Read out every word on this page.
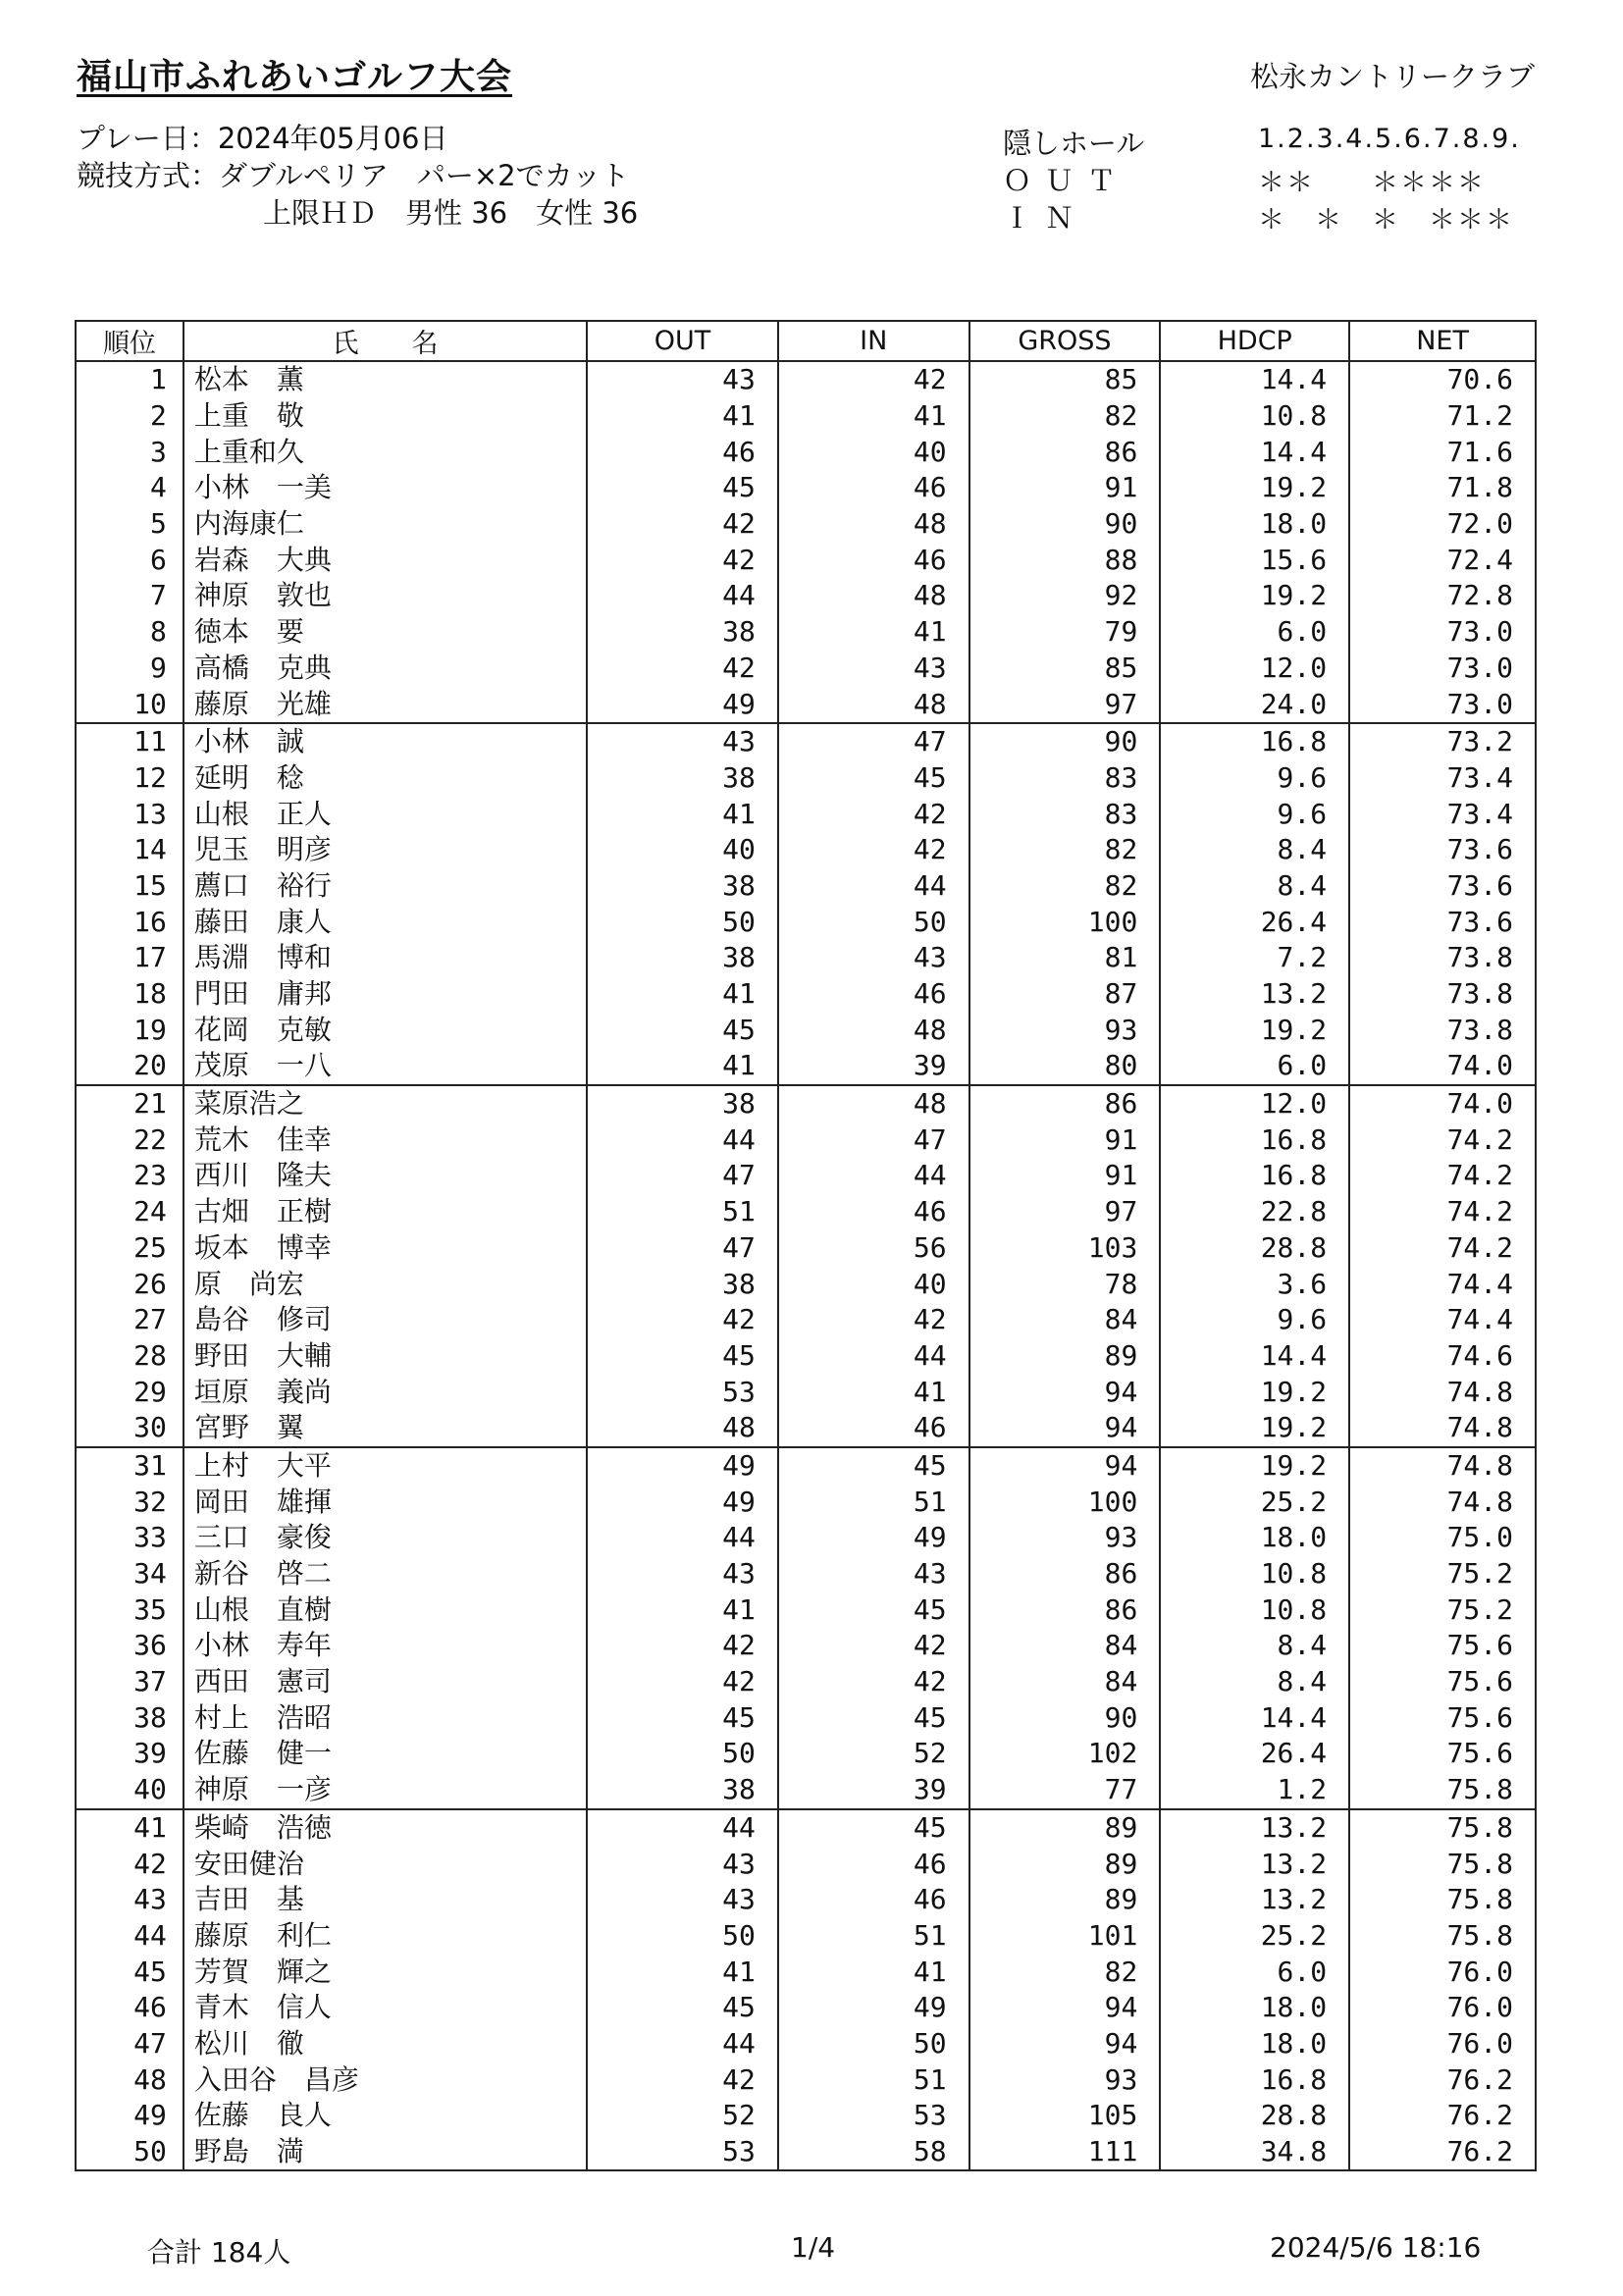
福山市ふれあいゴルフ大会	松永カントリークラブ
プレー日：2024年05月06日
競技方式：ダブルペリア　パー×2でカット
上限ＨＤ　男性 36　女性 36
隠しホール	1.2.3.4.5.6.7.8.9.
ＯＵＴ	＊＊　　＊＊＊＊
ＩＮ	＊　＊　＊　＊＊＊
順位	氏　　名	OUT	IN	GROSS	HDCP	NET
1	松本　薫	43	42	85	14.4	70.6
2	上重　敬	41	41	82	10.8	71.2
3	上重和久	46	40	86	14.4	71.6
4	小林　一美	45	46	91	19.2	71.8
5	内海康仁	42	48	90	18.0	72.0
6	岩森　大典	42	46	88	15.6	72.4
7	神原　敦也	44	48	92	19.2	72.8
8	徳本　要	38	41	79	6.0	73.0
9	高橋　克典	42	43	85	12.0	73.0
10	藤原　光雄	49	48	97	24.0	73.0
11	小林　誠	43	47	90	16.8	73.2
12	延明　稔	38	45	83	9.6	73.4
13	山根　正人	41	42	83	9.6	73.4
14	児玉　明彦	40	42	82	8.4	73.6
15	薦口　裕行	38	44	82	8.4	73.6
16	藤田　康人	50	50	100	26.4	73.6
17	馬淵　博和	38	43	81	7.2	73.8
18	門田　庸邦	41	46	87	13.2	73.8
19	花岡　克敏	45	48	93	19.2	73.8
20	茂原　一八	41	39	80	6.0	74.0
21	菜原浩之	38	48	86	12.0	74.0
22	荒木　佳幸	44	47	91	16.8	74.2
23	西川　隆夫	47	44	91	16.8	74.2
24	古畑　正樹	51	46	97	22.8	74.2
25	坂本　博幸	47	56	103	28.8	74.2
26	原　尚宏	38	40	78	3.6	74.4
27	島谷　修司	42	42	84	9.6	74.4
28	野田　大輔	45	44	89	14.4	74.6
29	垣原　義尚	53	41	94	19.2	74.8
30	宮野　翼	48	46	94	19.2	74.8
31	上村　大平	49	45	94	19.2	74.8
32	岡田　雄揮	49	51	100	25.2	74.8
33	三口　豪俊	44	49	93	18.0	75.0
34	新谷　啓二	43	43	86	10.8	75.2
35	山根　直樹	41	45	86	10.8	75.2
36	小林　寿年	42	42	84	8.4	75.6
37	西田　憲司	42	42	84	8.4	75.6
38	村上　浩昭	45	45	90	14.4	75.6
39	佐藤　健一	50	52	102	26.4	75.6
40	神原　一彦	38	39	77	1.2	75.8
41	柴崎　浩徳	44	45	89	13.2	75.8
42	安田健治	43	46	89	13.2	75.8
43	吉田　基	43	46	89	13.2	75.8
44	藤原　利仁	50	51	101	25.2	75.8
45	芳賀　輝之	41	41	82	6.0	76.0
46	青木　信人	45	49	94	18.0	76.0
47	松川　徹	44	50	94	18.0	76.0
48	入田谷　昌彦	42	51	93	16.8	76.2
49	佐藤　良人	52	53	105	28.8	76.2
50	野島　満	53	58	111	34.8	76.2
合計 184人	1/4	2024/5/6 18:16
